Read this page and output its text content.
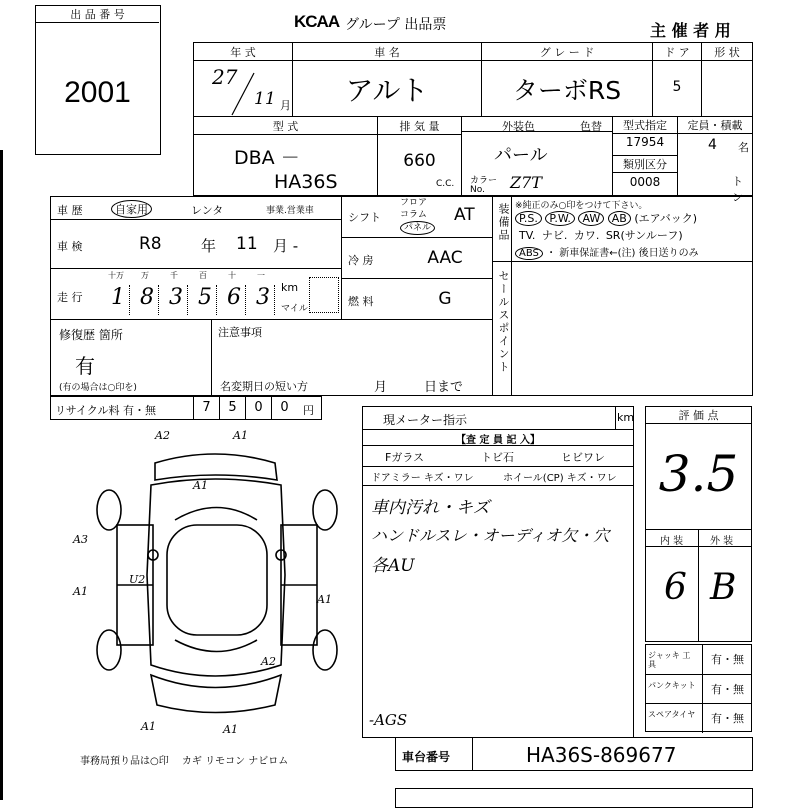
出 品 番 号
2001
KCAA グループ 出品票	主 催 者 用
年 式
27
11 月
車 名
アルト
グ レ ー ド
ターボRS
ド ア
5
形 状
型 式
DBA －
HA36S
排 気 量
660
C.C.
外装色	色替
パール
カラーNo.	Z7T
型式指定
17954
類別区分
0008
定員・積載
4 名
トン
車 歴	自家用	レンタ	事業.営業車
車 検	R8	年 11 月 -
走 行
十万
1
万
8
千
3
百
5
十
6
一
3	km
マイル
シフト
フロア
コラム
パネル
AT
冷 房	AAC
燃 料	G
装備品 ※純正のみ○印をつけて下さい。
P.S. P.W. AW AB (エアバック)
TV. ナビ. カワ. SR(サンルーフ)
ABS ・ 新車保証書←(注) 後日送りのみ
セールスポイント
修復歴 箇所
有
(有の場合は○印を)
注意事項
名変期日の短い方	月	日まで
リサイクル料 有・無	7	5	0	0	円
現メーター指示	km
【査 定 員 記 入】
Fガラス	トビ石	ヒビワレ
ドアミラー キズ・ワレ	ホイール(CP) キズ・ワレ
車内汚れ・キズ
ハンドルスレ・オーディオ欠・穴
各AU
-AGS
評 価 点
3.5
内 装	外 装
6 B
ジャッキ 工具	有・無
パンクキット	有・無
スペアタイヤ	有・無
車台番号	HA36S-869677
A2	A1
A1
A3
A1
U2
A1
A2
A1	A1
事務局預り品は○印 カギ リモコン ナビロム
